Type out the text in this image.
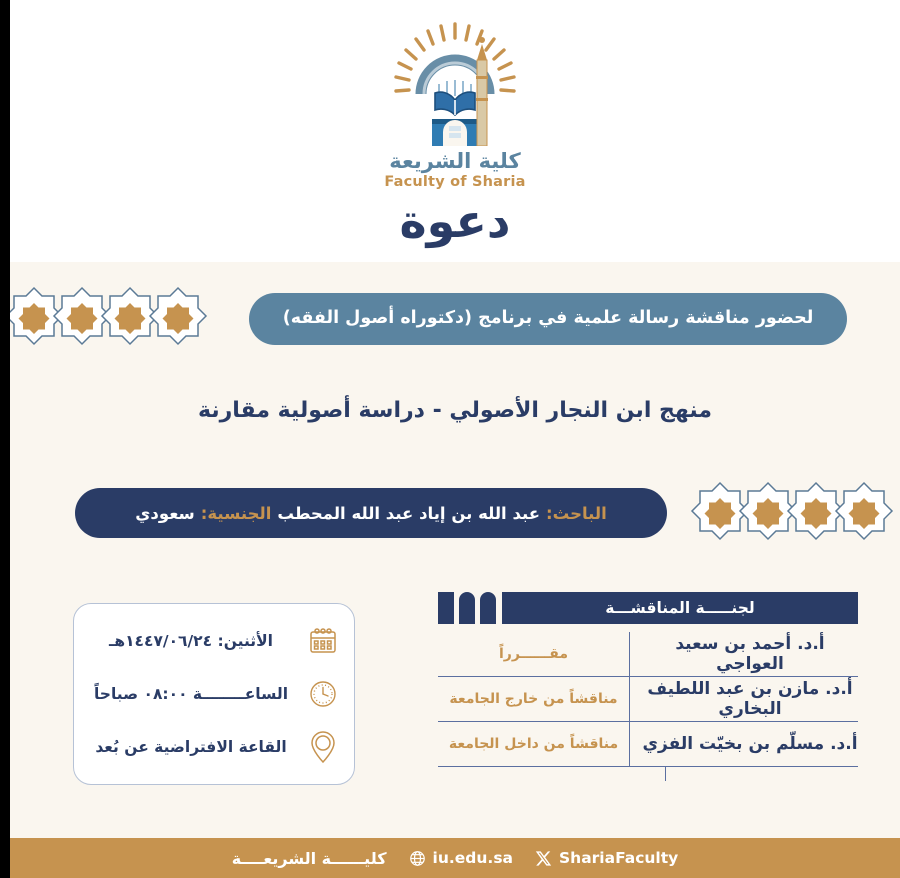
كلية الشريعة
Faculty of Sharia
دعوة
لحضور مناقشة رسالة علمية في برنامج (دكتوراه أصول الفقه)
منهج ابن النجار الأصولي - دراسة أصولية مقارنة
الباحث:
عبد الله بن إياد عبد الله المحطب
الجنسية:
سعودي
لجنـــــة المناقشـــة
أ.د. أحمد بن سعيد العواجي
مقــــــرراً
أ.د. مازن بن عبد اللطيف البخاري
مناقشاً من خارج الجامعة
أ.د. مسلّم بن بخيّت الفزي
مناقشاً من داخل الجامعة
الأثنين: ١٤٤٧/٠٦/٢٤هـ
الساعــــــــة ٠٨:٠٠ صباحاً
القاعة الافتراضية عن بُعد
ShariaFaculty
iu.edu.sa
كليــــــة الشريعــــة
